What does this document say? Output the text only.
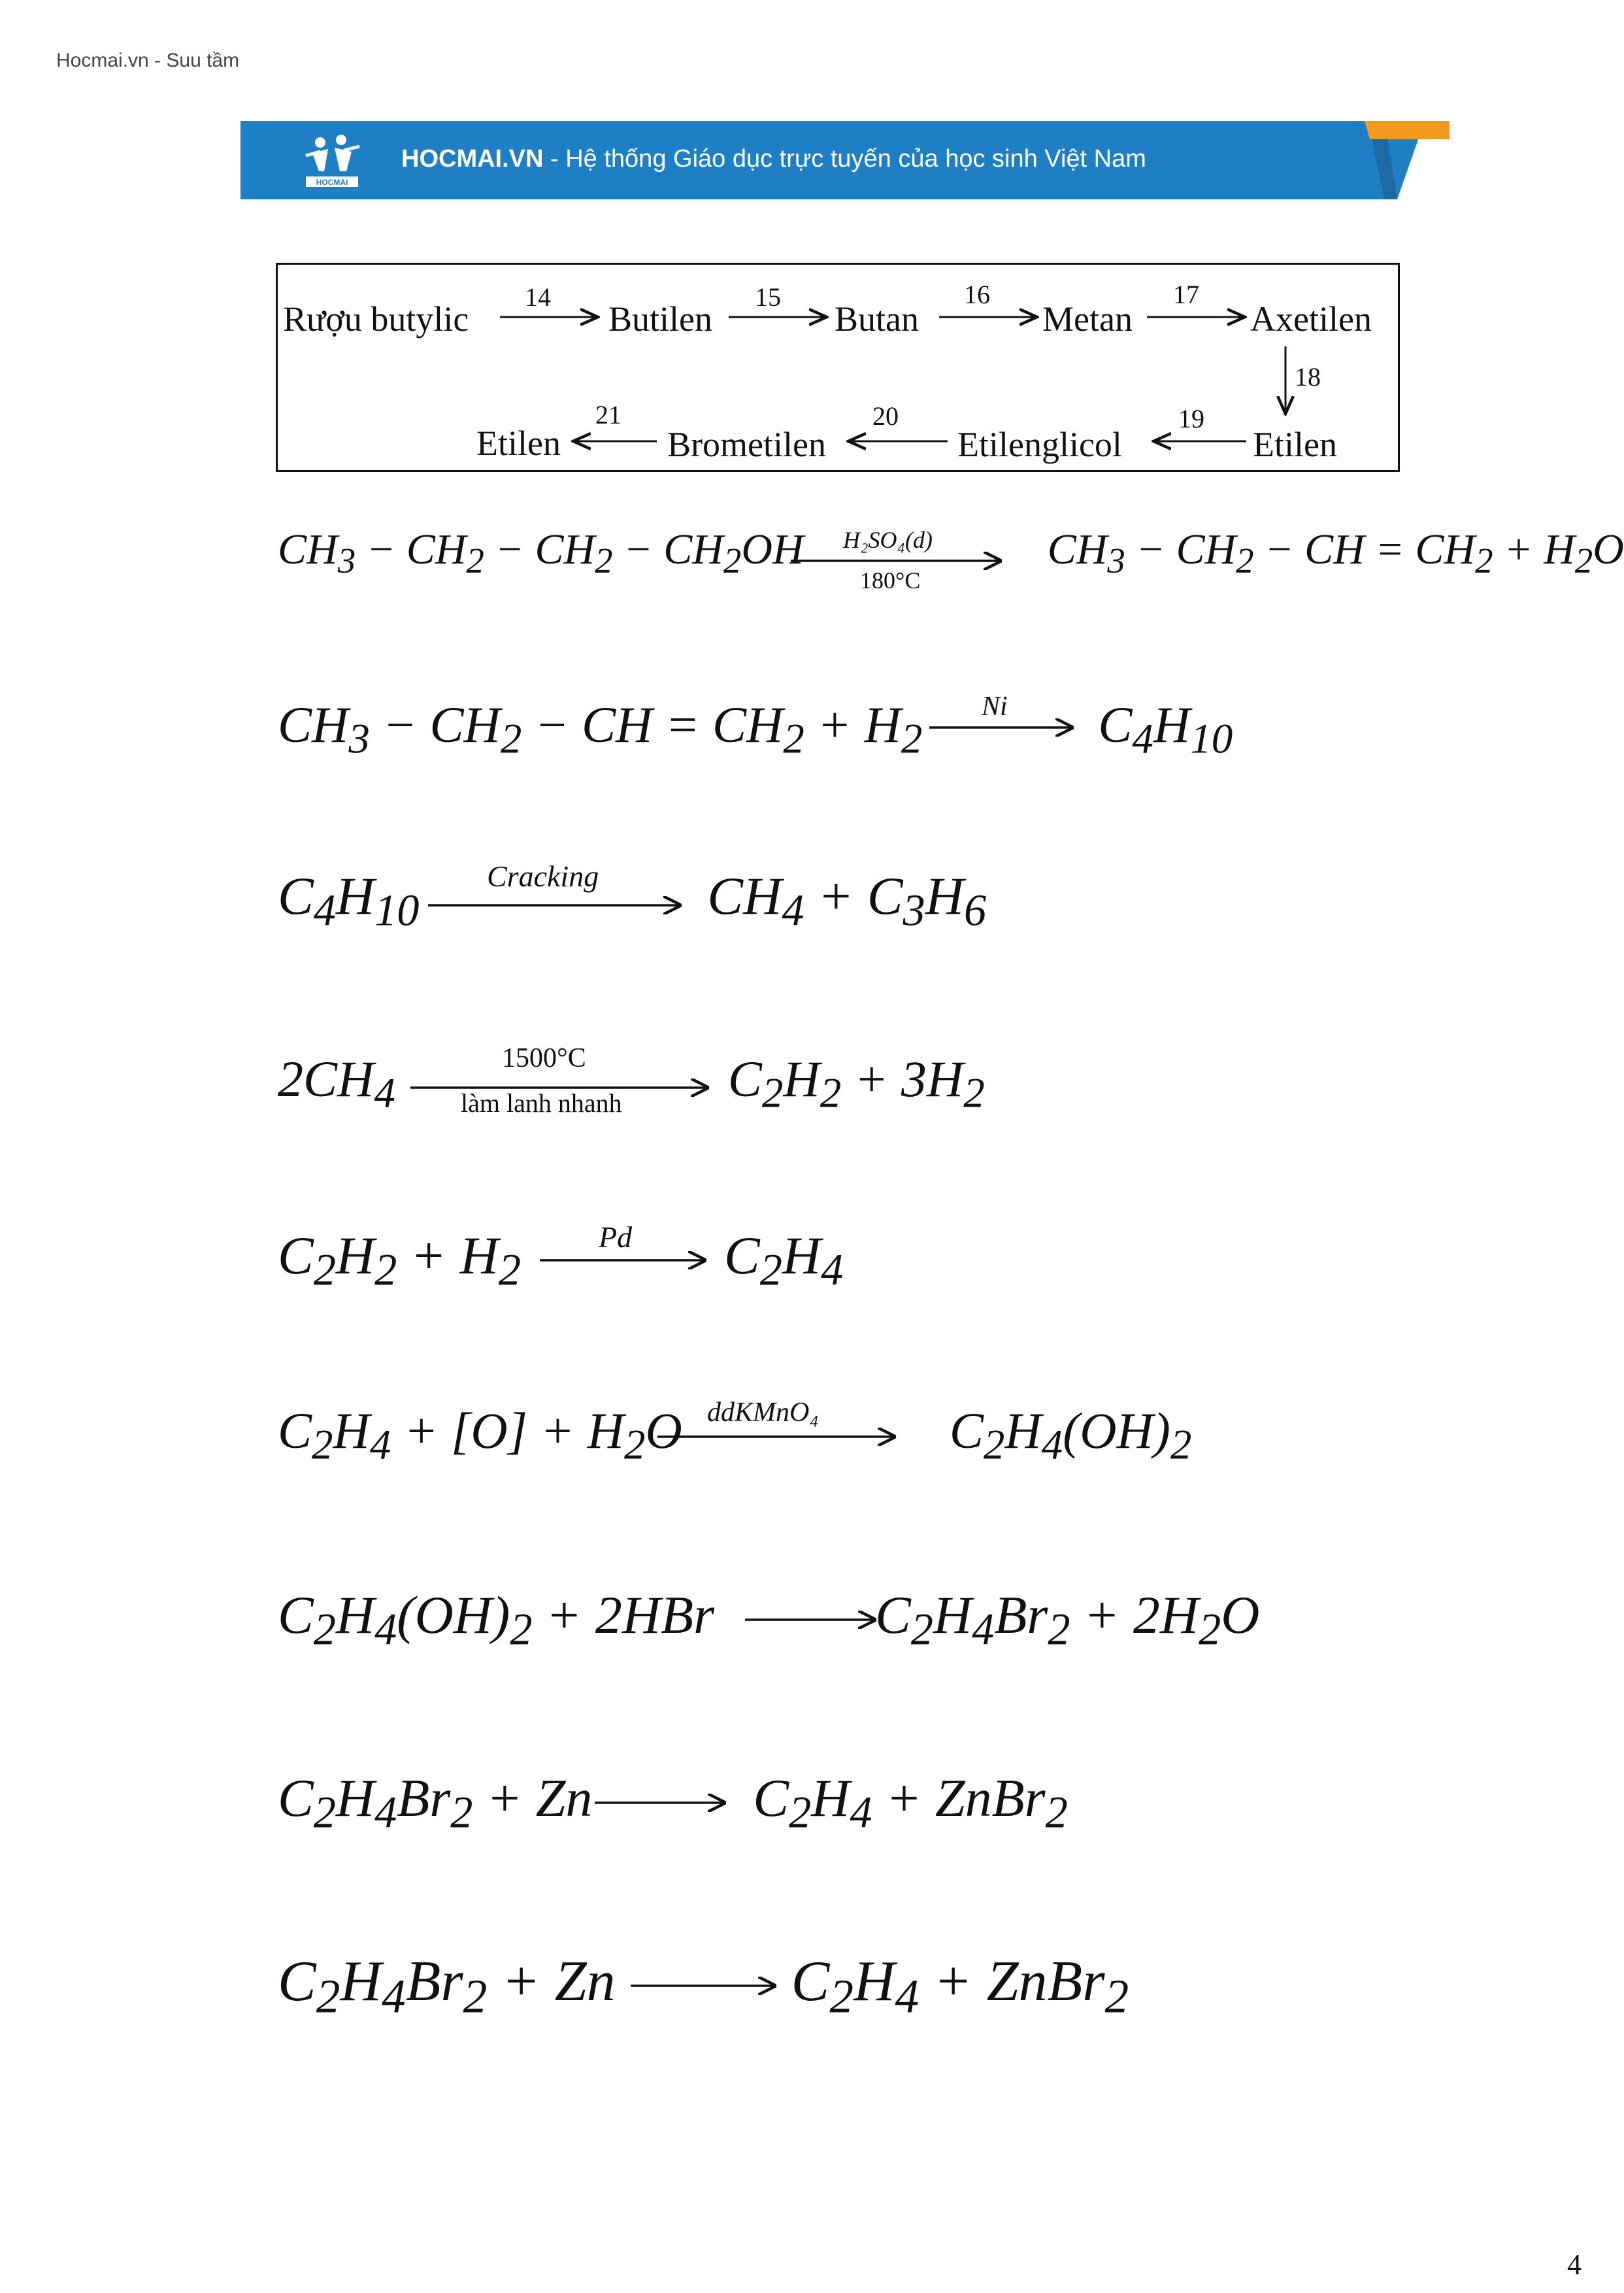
Hocmai.vn - Suu tầm
HOCMAI
HOCMAI.VN - Hệ thống Giáo dục trực tuyến của học sinh Việt Nam
Rượu butylic	Butilen	Butan	Metan	Axetilen
Etilen	Brometilen	Etilenglicol	Etilen
14	15	16	17
18
19
20
21
$CH_3 - CH_2 - CH_2 - CH_2OH$	$CH_3 - CH_2$ − CH = $CH_2 + H_2O$
H₂SO₄(d)
180°C
$CH_3 - CH_2$ − CH = $CH_2 + H_2$	$C_4H_{10}$
Ni
$C_4H_{10}$	$CH_4 + C_3H_6$
Cracking
$2CH_4$	$C_2H_2 + 3H_2$
1500°C
làm lanh nhanh
$C_2H_2 + H_2$	$C_2H_4$
Pd
$C_2H_4 + [O] + H_2O$	$C_2H_4(OH)_2$
ddKMnO₄
$C_2H_4(OH)_2 + 2HBr$	$C_2H_4Br_2 + 2H_2O$
$C_2H_4Br_2 + Zn$	$C_2H_4$ + ZnBr$_2$
$C_2H_4Br_2 + Zn$	$C_2H_4$ + ZnBr$_2$
4
